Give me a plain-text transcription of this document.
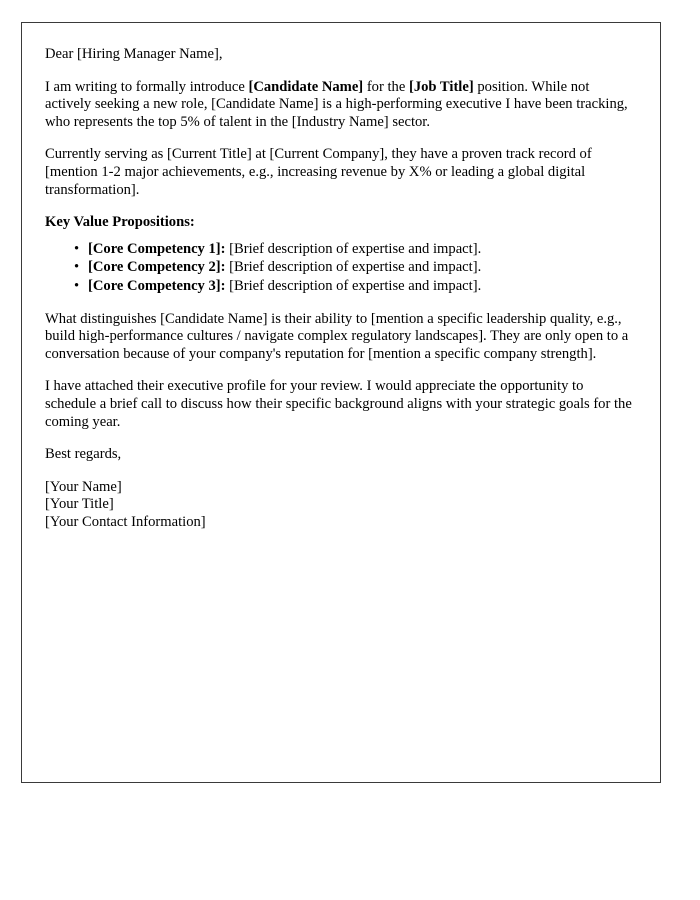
Dear [Hiring Manager Name],

I am writing to formally introduce [Candidate Name] for the [Job Title] position. While not actively seeking a new role, [Candidate Name] is a high-performing executive I have been tracking, who represents the top 5% of talent in the [Industry Name] sector.

Currently serving as [Current Title] at [Current Company], they have a proven track record of [mention 1-2 major achievements, e.g., increasing revenue by X% or leading a global digital transformation].

Key Value Propositions:

• [Core Competency 1]: [Brief description of expertise and impact].
• [Core Competency 2]: [Brief description of expertise and impact].
• [Core Competency 3]: [Brief description of expertise and impact].

What distinguishes [Candidate Name] is their ability to [mention a specific leadership quality, e.g., build high-performance cultures / navigate complex regulatory landscapes]. They are only open to a conversation because of your company's reputation for [mention a specific company strength].

I have attached their executive profile for your review. I would appreciate the opportunity to schedule a brief call to discuss how their specific background aligns with your strategic goals for the coming year.

Best regards,

[Your Name]
[Your Title]
[Your Contact Information]
